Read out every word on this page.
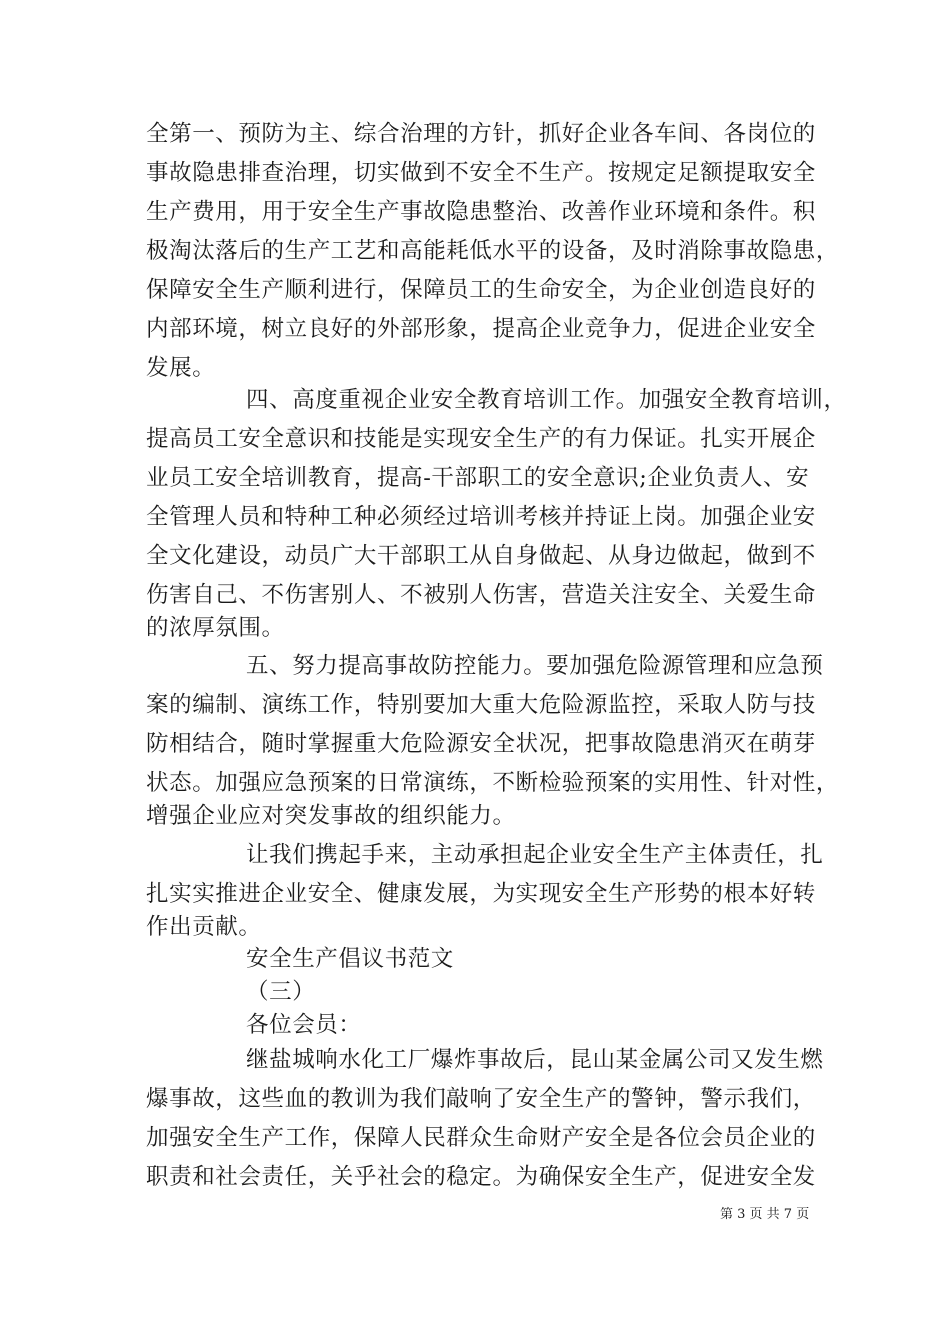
全第一、预防为主、综合治理的方针，抓好企业各车间、各岗位的
事故隐患排查治理，切实做到不安全不生产。按规定足额提取安全
生产费用，用于安全生产事故隐患整治、改善作业环境和条件。积
极淘汰落后的生产工艺和高能耗低水平的设备，及时消除事故隐患，
保障安全生产顺利进行，保障员工的生命安全，为企业创造良好的
内部环境，树立良好的外部形象，提高企业竞争力，促进企业安全
发展。
四、高度重视企业安全教育培训工作。加强安全教育培训，
提高员工安全意识和技能是实现安全生产的有力保证。扎实开展企
业员工安全培训教育，提高-干部职工的安全意识;企业负责人、安
全管理人员和特种工种必须经过培训考核并持证上岗。加强企业安
全文化建设，动员广大干部职工从自身做起、从身边做起，做到不
伤害自己、不伤害别人、不被别人伤害，营造关注安全、关爱生命
的浓厚氛围。
五、努力提高事故防控能力。要加强危险源管理和应急预
案的编制、演练工作，特别要加大重大危险源监控，采取人防与技
防相结合，随时掌握重大危险源安全状况，把事故隐患消灭在萌芽
状态。加强应急预案的日常演练，不断检验预案的实用性、针对性，
增强企业应对突发事故的组织能力。
让我们携起手来，主动承担起企业安全生产主体责任，扎
扎实实推进企业安全、健康发展，为实现安全生产形势的根本好转
作出贡献。
安全生产倡议书范文
（三）
各位会员：
继盐城响水化工厂爆炸事故后，昆山某金属公司又发生燃
爆事故，这些血的教训为我们敲响了安全生产的警钟，警示我们，
加强安全生产工作，保障人民群众生命财产安全是各位会员企业的
职责和社会责任，关乎社会的稳定。为确保安全生产，促进安全发
第 3 页 共 7 页
